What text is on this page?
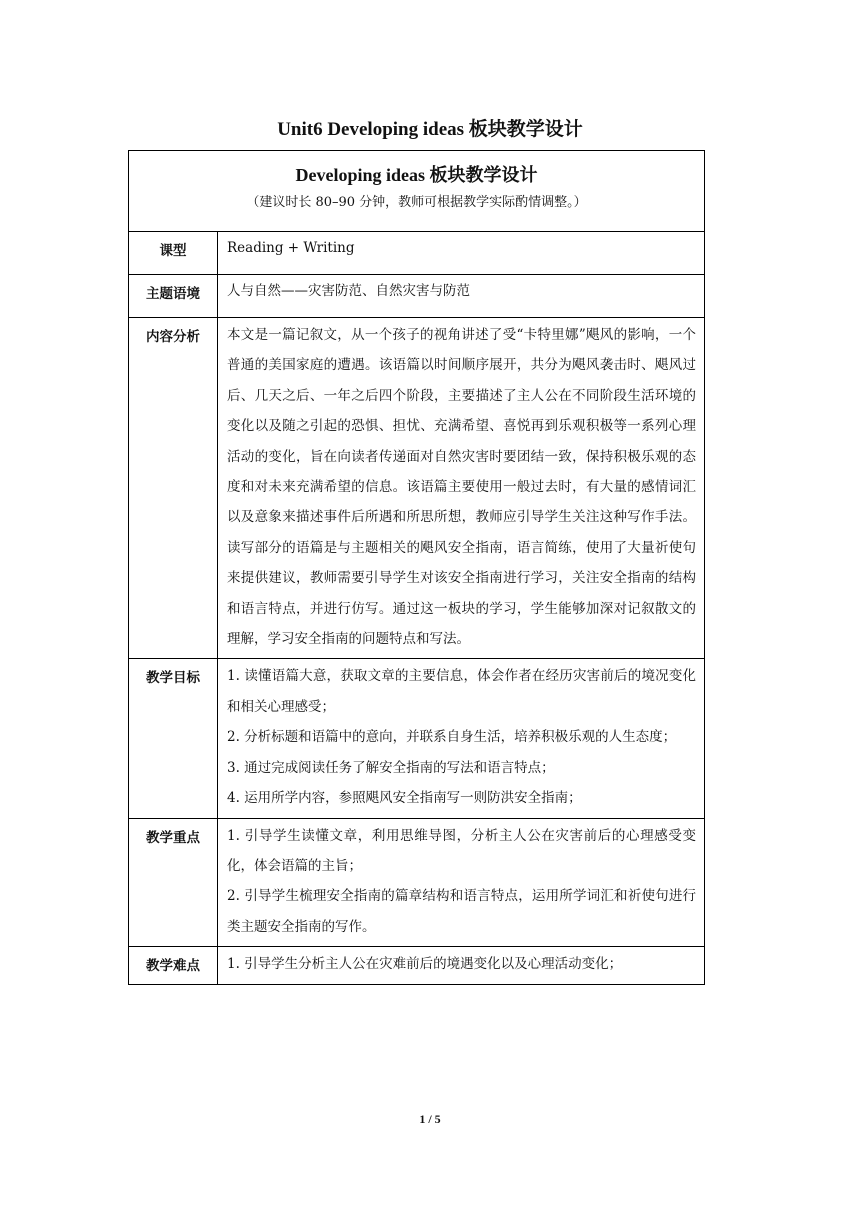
Unit6 Developing ideas 板块教学设计
Developing ideas 板块教学设计
（建议时长 80–90 分钟，教师可根据教学实际酌情调整。）	

课型	Reading + Writing
主题语境	人与自然——灾害防范、自然灾害与防范
内容分析	本文是一篇记叙文，从一个孩子的视角讲述了受“卡特里娜”飓风的影响，一个普通的美国家庭的遭遇。该语篇以时间顺序展开，共分为飓风袭击时、飓风过后、几天之后、一年之后四个阶段，主要描述了主人公在不同阶段生活环境的变化以及随之引起的恐惧、担忧、充满希望、喜悦再到乐观积极等一系列心理活动的变化，旨在向读者传递面对自然灾害时要团结一致，保持积极乐观的态度和对未来充满希望的信息。该语篇主要使用一般过去时，有大量的感情词汇以及意象来描述事件后所遇和所思所想，教师应引导学生关注这种写作手法。读写部分的语篇是与主题相关的飓风安全指南，语言简练，使用了大量祈使句来提供建议，教师需要引导学生对该安全指南进行学习，关注安全指南的结构和语言特点，并进行仿写。通过这一板块的学习，学生能够加深对记叙散文的理解，学习安全指南的问题特点和写法。
教学目标	1. 读懂语篇大意，获取文章的主要信息，体会作者在经历灾害前后的境况变化和相关心理感受；
2. 分析标题和语篇中的意向，并联系自身生活，培养积极乐观的人生态度；
3. 通过完成阅读任务了解安全指南的写法和语言特点；
4. 运用所学内容，参照飓风安全指南写一则防洪安全指南；

教学重点	1. 引导学生读懂文章，利用思维导图，分析主人公在灾害前后的心理感受变化，体会语篇的主旨；
2. 引导学生梳理安全指南的篇章结构和语言特点，运用所学词汇和祈使句进行类主题安全指南的写作。

教学难点	1. 引导学生分析主人公在灾难前后的境遇变化以及心理活动变化；
1 / 5
